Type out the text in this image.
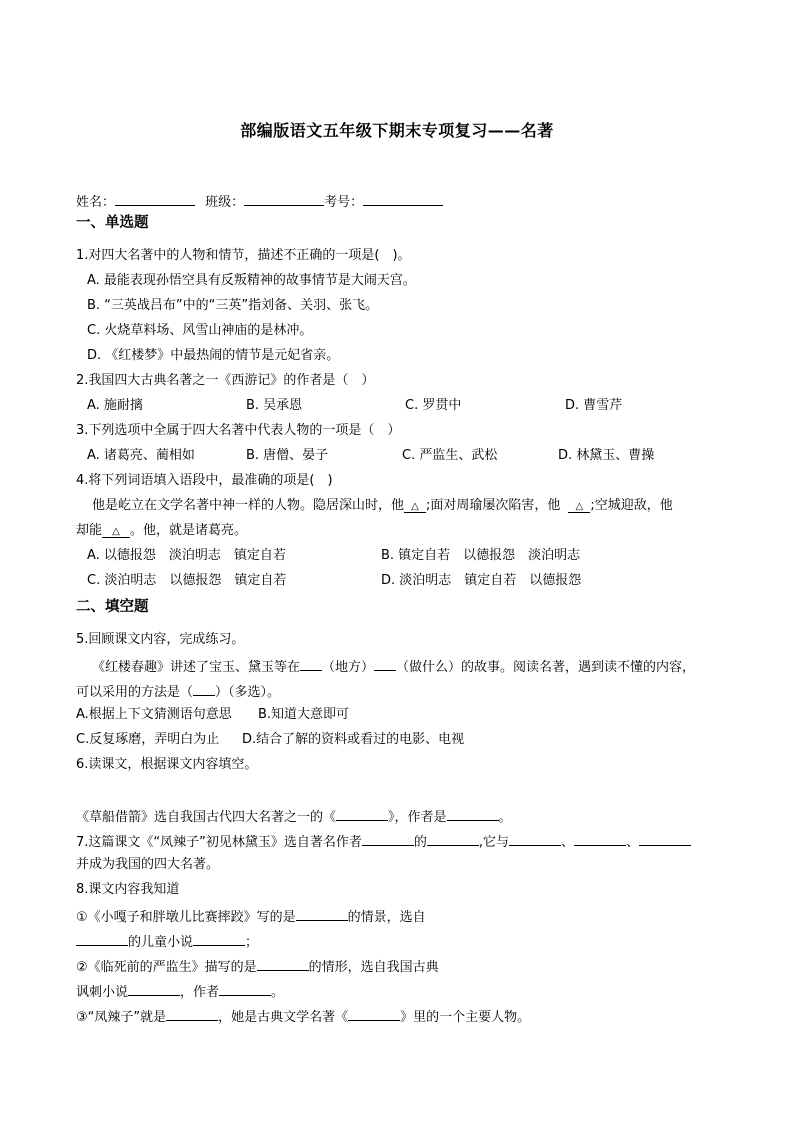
部编版语文五年级下期末专项复习——名著
姓名：	班级：	考号：
一、单选题
1.对四大名著中的人物和情节，描述不正确的一项是(　)。
A. 最能表现孙悟空具有反叛精神的故事情节是大闹天宫。
B. “三英战吕布”中的“三英”指刘备、关羽、张飞。
C. 火烧草料场、风雪山神庙的是林冲。
D. 《红楼梦》中最热闹的情节是元妃省亲。
2.我国四大古典名著之一《西游记》的作者是（　）
A. 施耐摛	B. 吴承恩	C. 罗贯中	D. 曹雪芹
3.下列选项中全属于四大名著中代表人物的一项是（　）
A. 诸葛亮、蔺相如	B. 唐僧、晏子	C. 严监生、武松	D. 林黛玉、曹操
4.将下列词语填入语段中，最准确的项是(　)
他是屹立在文学名著中神一样的人物。隐居深山时，他 △ ;面对周瑜屡次陷害，他 △ ;空城迎敌，他
却能 △ 。他，就是诸葛亮。
A. 以德报怨　淡泊明志　镇定自若	B. 镇定自若　以德报怨　淡泊明志
C. 淡泊明志　以德报怨　镇定自若	D. 淡泊明志　镇定自若　以德报怨
二、填空题
5.回顾课文内容，完成练习。
《红楼春趣》讲述了宝玉、黛玉等在 （地方） （做什么）的故事。阅读名著，遇到读不懂的内容，
可以采用的方法是（ ）（多选）。
A.根据上下文猜测语句意思 B.知道大意即可
C.反复琢磨，弄明白为止 D.结合了解的资料或看过的电影、电视
6.读课文，根据课文内容填空。
《草船借箭》选自我国古代四大名著之一的《	》，作者是	。
7.这篇课文《“凤辣子”初见林黛玉》选自著名作者	的	,它与	、	、
并成为我国的四大名著。
8.课文内容我知道
①《小嘎子和胖墩儿比赛摔跤》写的是	的情景，选自
的儿童小说	；
②《临死前的严监生》描写的是	的情形，选自我国古典
讽刺小说	，作者	。
③“凤辣子”就是	，她是古典文学名著《	》里的一个主要人物。
